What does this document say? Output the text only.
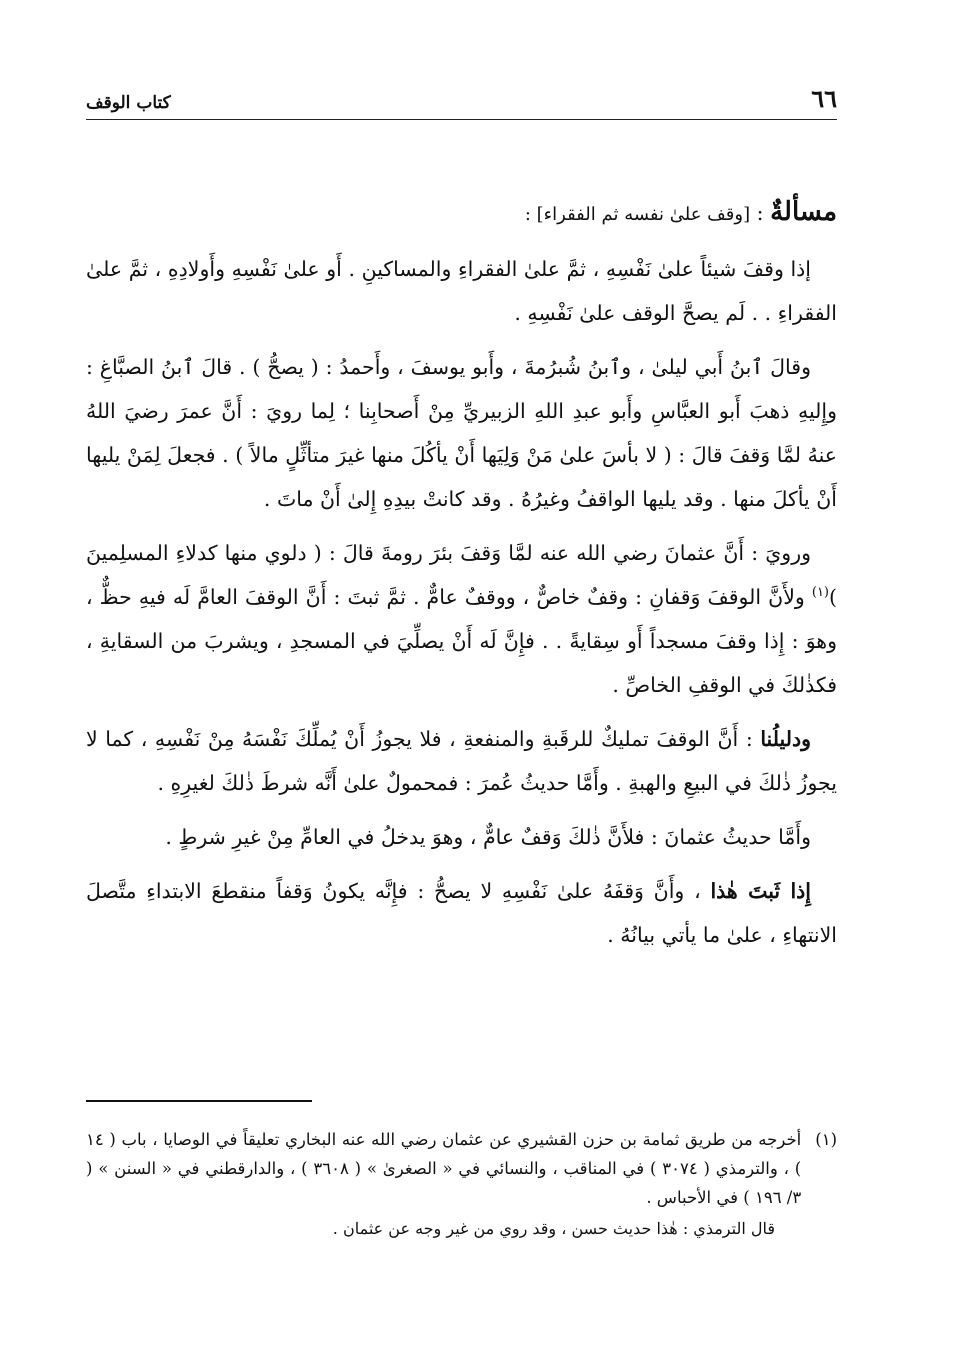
٦٦
كتاب الوقف

مسألةٌ : [وقف علىٰ نفسه ثم الفقراء] :

إذا وقفَ شيئاً علىٰ نَفْسِهِ ، ثمَّ علىٰ الفقراءِ والمساكينِ . أَو علىٰ نَفْسِهِ وأَولادِهِ ، ثمَّ علىٰ الفقراءِ . . لَم يصحَّ الوقف علىٰ نَفْسِهِ .

وقالَ ٱبنُ أَبي ليلىٰ ، وٱبنُ شُبرُمةَ ، وأَبو يوسفَ ، وأَحمدُ : ( يصحُّ ) . قالَ ٱبنُ الصبَّاغِ : وإِليهِ ذهبَ أَبو العبَّاسِ وأَبو عبدِ اللهِ الزبيريِّ مِنْ أَصحابِنا ؛ لِما رويَ : أَنَّ عمرَ رضيَ اللهُ عنهُ لمَّا وَقفَ قالَ : ( لا بأسَ علىٰ مَنْ وَلِيَها أَنْ يأكُلَ منها غيرَ متأثِّلٍ مالاً ) . فجعلَ لِمَنْ يليها أَنْ يأكلَ منها . وقد يليها الواقفُ وغيرُهُ . وقد كانتْ بيدِهِ إِلىٰ أَنْ ماتَ .

ورويَ : أَنَّ عثمانَ رضي الله عنه لمَّا وَقفَ بئرَ رومةَ قالَ : ( دلوي منها كدلاءِ المسلِمينَ )$^{(١)}$ ولأَنَّ الوقفَ وَقفانِ : وقفٌ خاصٌّ ، ووقفٌ عامٌّ . ثمَّ ثبتَ : أَنَّ الوقفَ العامَّ لَه فيهِ حظٌّ ، وهوَ : إِذا وقفَ مسجداً أَو سِقايةً . . فإِنَّ لَه أَنْ يصلِّيَ في المسجدِ ، ويشربَ من السقايةِ ، فكذٰلكَ في الوقفِ الخاصِّ .

ودليلُنا : أَنَّ الوقفَ تمليكٌ للرقَبةِ والمنفعةِ ، فلا يجوزُ أَنْ يُملِّكَ نَفْسَهُ مِنْ نَفْسِهِ ، كما لا يجوزُ ذٰلكَ في البيعِ والهبةِ . وأَمَّا حديثُ عُمرَ : فمحمولٌ علىٰ أَنَّه شرطَ ذٰلكَ لغيرِهِ .

وأَمَّا حديثُ عثمانَ : فلأَنَّ ذٰلكَ وَقفٌ عامٌّ ، وهوَ يدخلُ في العامِّ مِنْ غيرِ شرطٍ .

إِذا ثَبتَ هٰذا ، وأَنَّ وَقفَهُ علىٰ نَفْسِهِ لا يصحُّ : فإِنَّه يكونُ وَقفاً منقطعَ الابتداءِ متَّصلَ الانتهاءِ ، علىٰ ما يأتي بيانُهُ .

(١)
أخرجه من طريق ثمامة بن حزن القشيري عن عثمان رضي الله عنه البخاري تعليقاً في الوصايا ، باب ( ١٤ ) ، والترمذي ( ٣٠٧٤ ) في المناقب ، والنسائي في « الصغرىٰ » ( ٣٦٠٨ ) ، والدارقطني في « السنن » ( ٣/ ١٩٦ ) في الأحباس .
قال الترمذي : هٰذا حديث حسن ، وقد روي من غير وجه عن عثمان .
